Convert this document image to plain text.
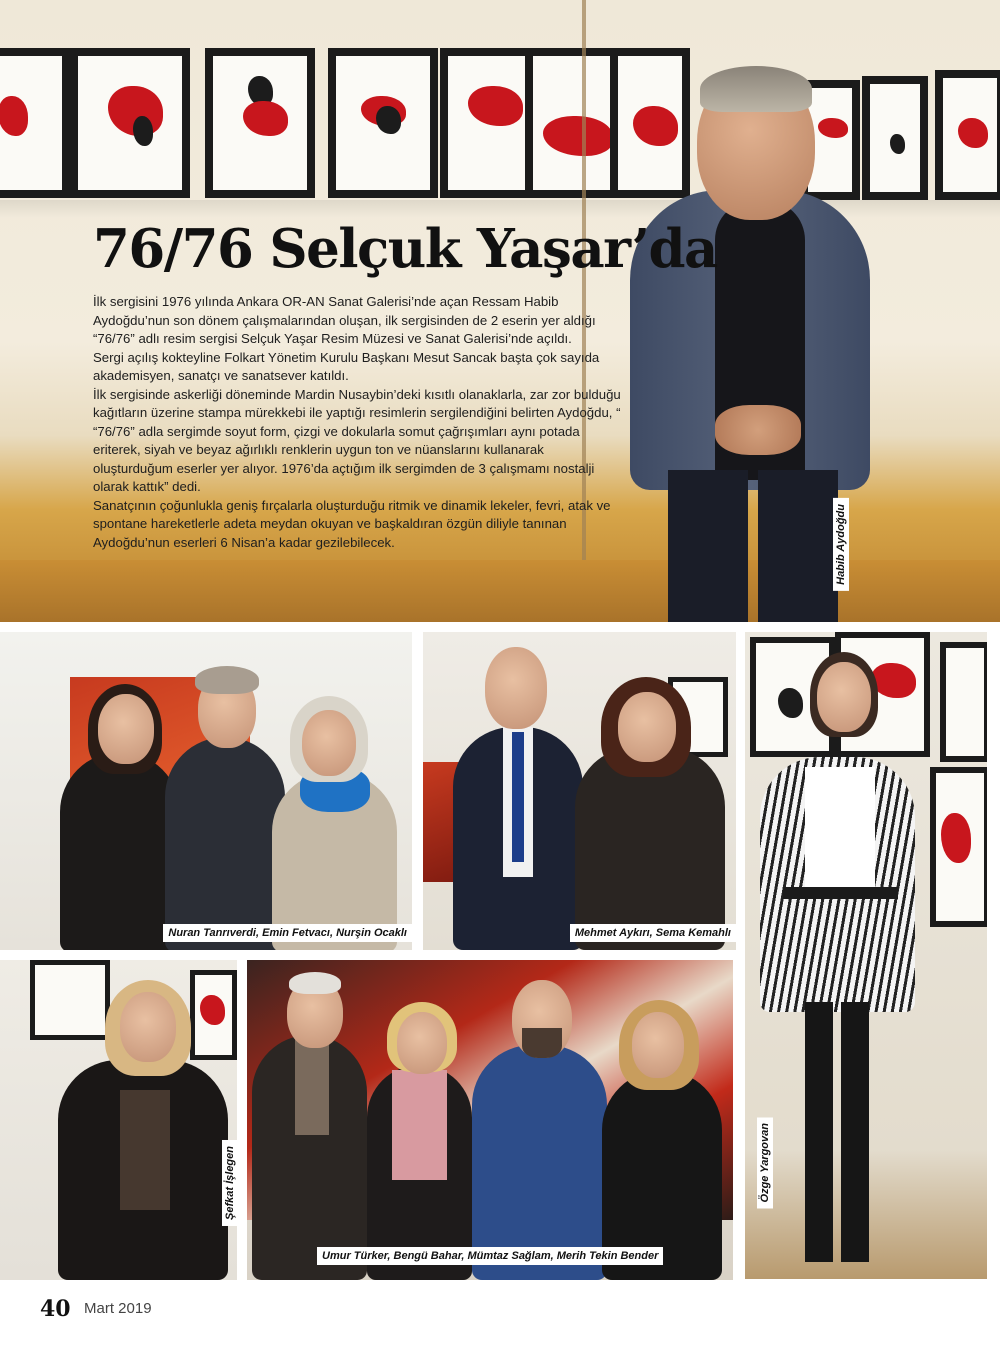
76/76 Selçuk Yaşar’da

İlk sergisini 1976 yılında Ankara OR-AN Sanat Galerisi’nde açan Ressam Habib Aydoğdu’nun son dönem çalışmalarından oluşan, ilk sergisinden de 2 eserin yer aldığı “76/76” adlı resim sergisi Selçuk Yaşar Resim Müzesi ve Sanat Galerisi’nde açıldı.

Sergi açılış kokteyline Folkart Yönetim Kurulu Başkanı Mesut Sancak başta çok sayıda akademisyen, sanatçı ve sanatsever katıldı.

İlk sergisinde askerliği döneminde Mardin Nusaybin’deki kısıtlı olanaklarla, zar zor bulduğu kağıtların üzerine stampa mürekkebi ile yaptığı resimlerin sergilendiğini belirten Aydoğdu, “ “76/76” adla sergimde soyut form, çizgi ve dokularla somut çağrışımları aynı potada eriterek, siyah ve beyaz ağırlıklı renklerin uygun ton ve nüanslarını kullanarak oluşturduğum eserler yer alıyor. 1976’da açtığım ilk sergimden de 3 çalışmamı nostalji olarak kattık” dedi.

Sanatçının çoğunlukla geniş fırçalarla oluşturduğu ritmik ve dinamik lekeler, fevri, atak ve spontane hareketlerle adeta meydan okuyan ve başkaldıran özgün diliyle tanınan Aydoğdu’nun eserleri 6 Nisan’a kadar gezilebilecek.	Habib Aydoğdu
Nuran Tanrıverdi, Emin Fetvacı, Nurşin Ocaklı	Mehmet Aykırı, Sema Kemahlı
Özge Yargovan
Şefkat İşlegen
Umur Türker, Bengü Bahar, Mümtaz Sağlam, Merih Tekin Bender
40 Mart 2019
